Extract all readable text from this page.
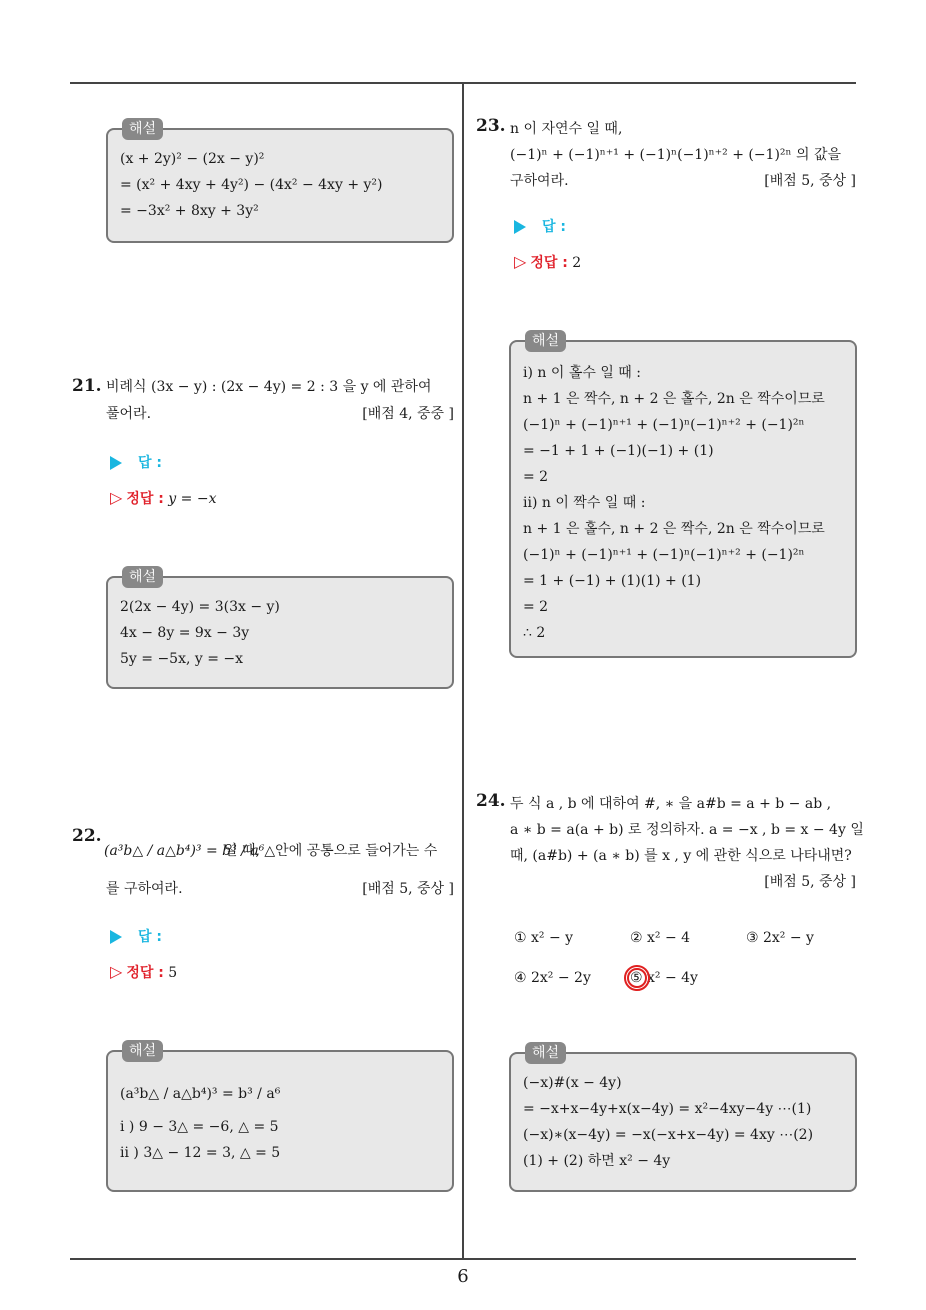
해설
(x + 2y)² − (2x − y)²
= (x² + 4xy + 4y²) − (4x² − 4xy + y²)
= −3x² + 8xy + 3y²
21. 비례식 (3x − y) : (2x − 4y) = 2 : 3 을 y 에 관하여
풀어라.	[배점 4, 중중 ]
답 :
▷ 정답 : y = −x
해설
2(2x − 4y) = 3(3x − y)
4x − 8y = 9x − 3y
5y = −5x, y = −x
22.
(a³b△ / a△b⁴)³ = b³ / a⁶
일 때, △안에 공통으로 들어가는 수
를 구하여라.	[배점 5, 중상 ]
답 :
▷ 정답 : 5
해설
(a³b△ / a△b⁴)³ = b³ / a⁶
i ) 9 − 3△ = −6, △ = 5
ii ) 3△ − 12 = 3, △ = 5
23. n 이 자연수 일 때,
(−1)ⁿ + (−1)ⁿ⁺¹ + (−1)ⁿ(−1)ⁿ⁺² + (−1)²ⁿ 의 값을
구하여라.	[배점 5, 중상 ]
답 :
▷ 정답 : 2
해설
i) n 이 홀수 일 때 :
n + 1 은 짝수, n + 2 은 홀수, 2n 은 짝수이므로
(−1)ⁿ + (−1)ⁿ⁺¹ + (−1)ⁿ(−1)ⁿ⁺² + (−1)²ⁿ
= −1 + 1 + (−1)(−1) + (1)
= 2
ii) n 이 짝수 일 때 :
n + 1 은 홀수, n + 2 은 짝수, 2n 은 짝수이므로
(−1)ⁿ + (−1)ⁿ⁺¹ + (−1)ⁿ(−1)ⁿ⁺² + (−1)²ⁿ
= 1 + (−1) + (1)(1) + (1)
= 2
∴ 2
24. 두 식 a , b 에 대하여 #, ∗ 을 a#b = a + b − ab ,
a ∗ b = a(a + b) 로 정의하자. a = −x , b = x − 4y 일
때, (a#b) + (a ∗ b) 를 x , y 에 관한 식으로 나타내면?
[배점 5, 중상 ]
① x² − y	② x² − 4	③ 2x² − y
④ 2x² − 2y	⑤ x² − 4y
해설
(−x)#(x − 4y)
= −x+x−4y+x(x−4y) = x²−4xy−4y ⋯(1)
(−x)∗(x−4y) = −x(−x+x−4y) = 4xy ⋯(2)
(1) + (2) 하면 x² − 4y
6
